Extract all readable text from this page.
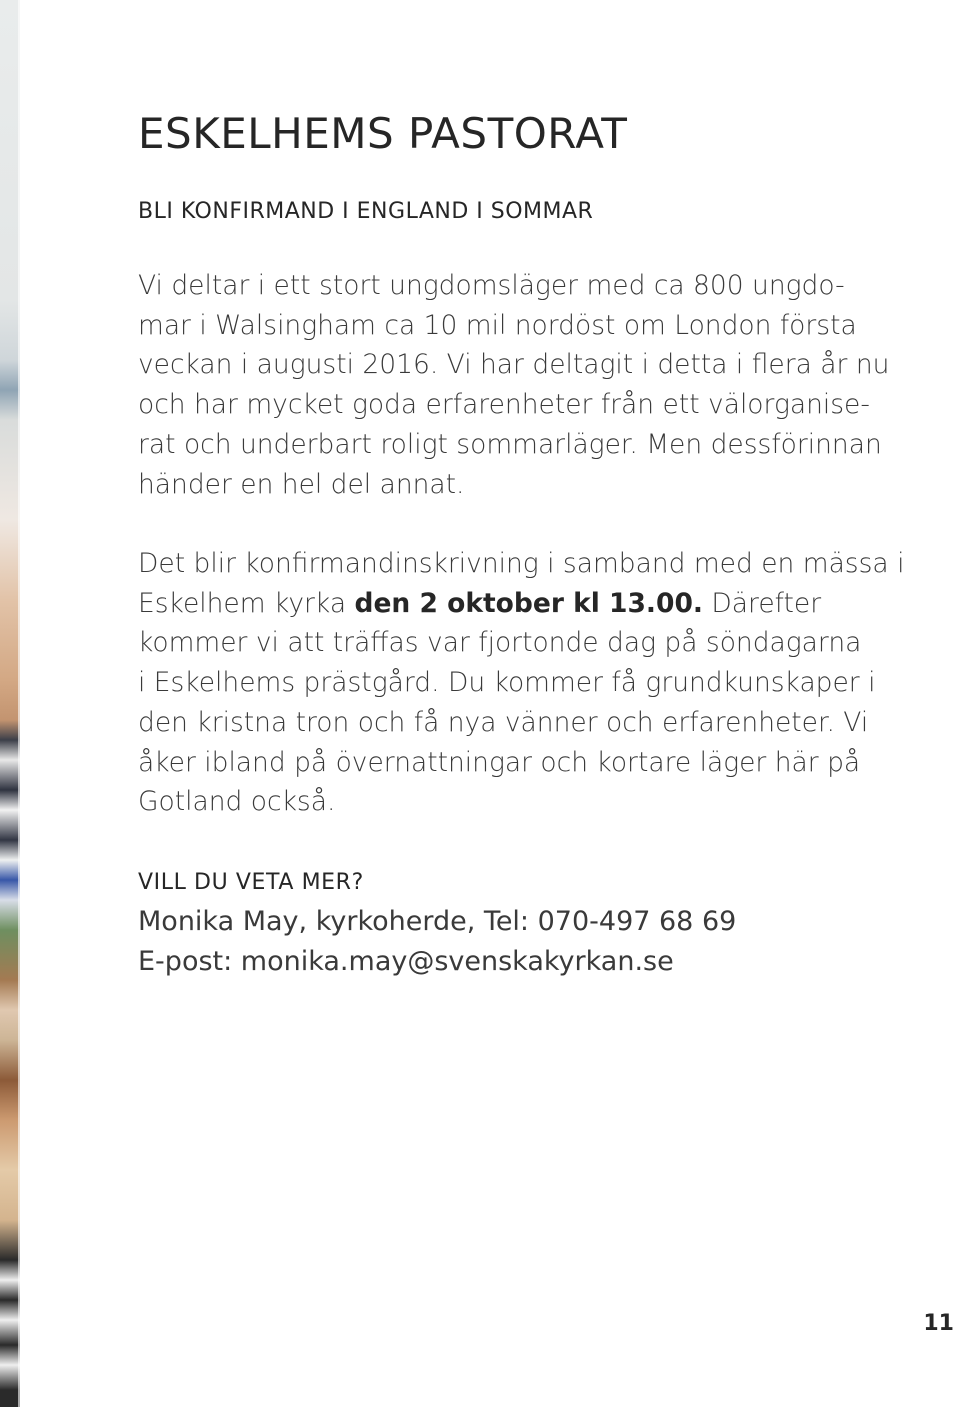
ESKELHEMS PASTORAT
BLI KONFIRMAND I ENGLAND I SOMMAR

Vi deltar i ett stort ungdomsläger med ca 800 ungdo-
mar i Walsingham ca 10 mil nordöst om London första
veckan i augusti 2016. Vi har deltagit i detta i flera år nu
och har mycket goda erfarenheter från ett välorganise-
rat och underbart roligt sommarläger. Men dessförinnan
händer en hel del annat.

Det blir konfirmandinskrivning i samband med en mässa i
Eskelhem kyrka den 2 oktober kl 13.00. Därefter
kommer vi att träffas var fjortonde dag på söndagarna
i Eskelhems prästgård. Du kommer få grundkunskaper i
den kristna tron och få nya vänner och erfarenheter. Vi
åker ibland på övernattningar och kortare läger här på
Gotland också.

VILL DU VETA MER?

Monika May, kyrkoherde, Tel: 070-497 68 69
E-post: monika.may@svenskakyrkan.se

11
